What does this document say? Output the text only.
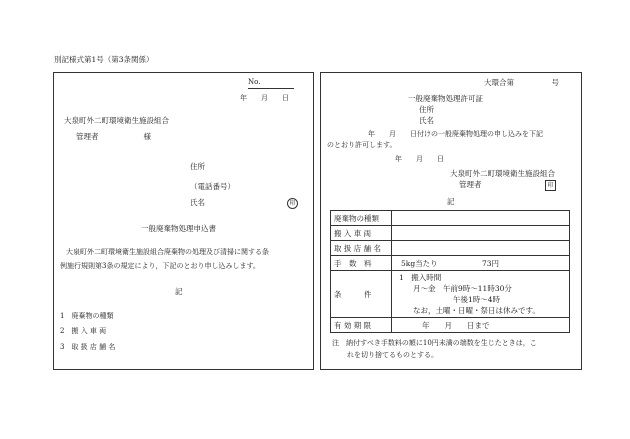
別記様式第1号（第3条関係）
No.
年　　月　　日
大泉町外二町環境衛生施設組合
管理者　　　　　　様
住所
（電話番号）
氏名	印
一般廃棄物処理申込書
大泉町外二町環境衛生施設組合廃棄物の処理及び清掃に関する条
例施行規則第3条の規定により，下記のとおり申し込みします。
記
1　廃棄物の種類
2　搬 入 車 両
3　取 扱 店 舗 名
大環合第　　　　　号
一般廃棄物処理許可証
住所
氏名
年　　月　　日付けの一般廃棄物処理の申し込みを下記
のとおり許可します。
年　　月　　日
大泉町外二町環境衛生施設組合
管理者	印
記
廃棄物の種類	
搬 入 車 両	
取 扱 店 舗 名	
手　数　料	5kg当たり 73円
条　　　件	1　搬入時間
月～金　午前9時～11時30分
午後1時～4時
なお，土曜・日曜・祭日は休みです。

有 効 期 限	年　　月　　日まで
注　納付すべき手数料の額に10円未満の端数を生じたときは，こ
れを切り捨てるものとする。
